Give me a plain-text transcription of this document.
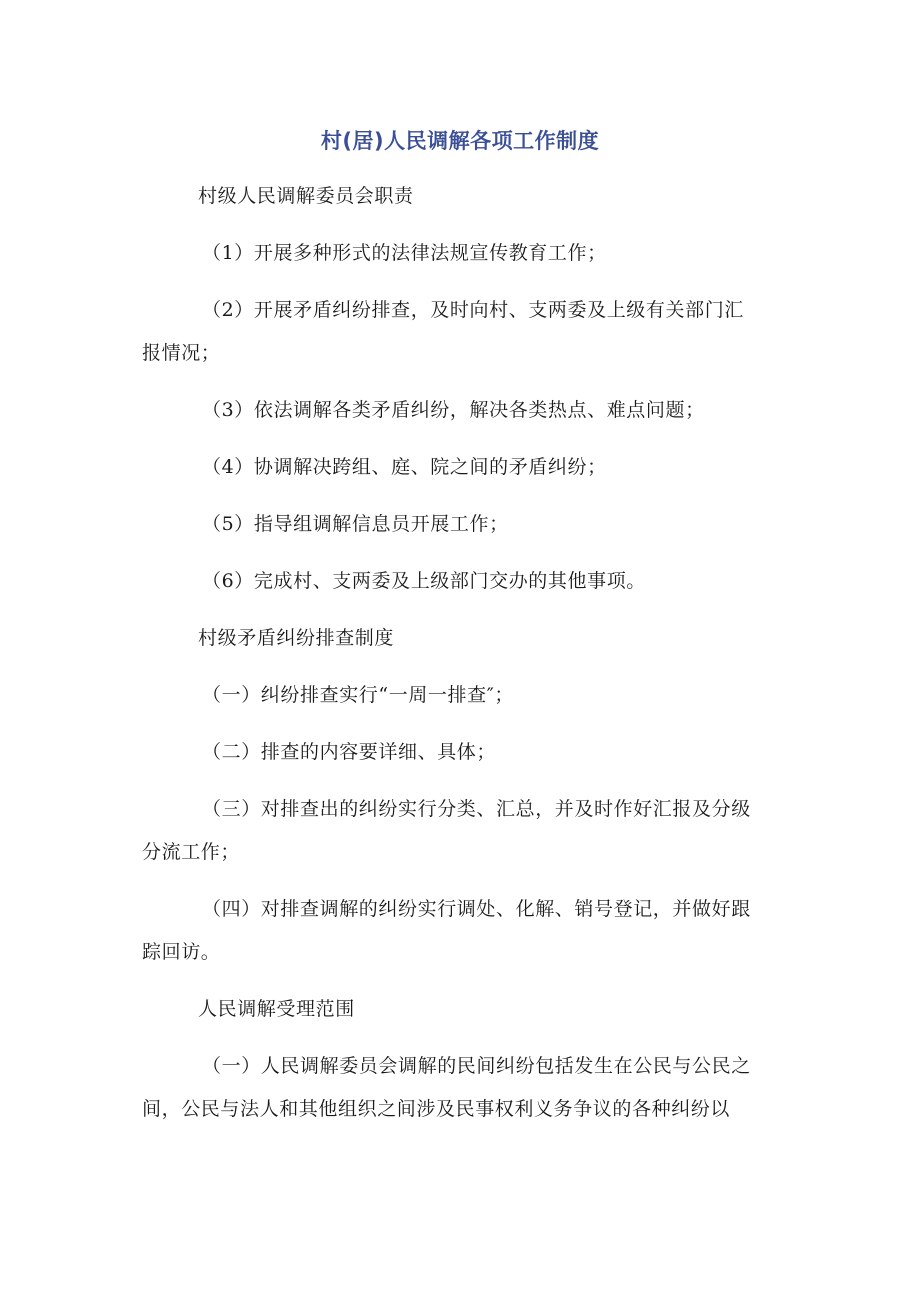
村(居)人民调解各项工作制度
村级人民调解委员会职责
（1）开展多种形式的法律法规宣传教育工作；
（2）开展矛盾纠纷排查，及时向村、支两委及上级有关部门汇
报情况；
（3）依法调解各类矛盾纠纷，解决各类热点、难点问题；
（4）协调解决跨组、庭、院之间的矛盾纠纷；
（5）指导组调解信息员开展工作；
（6）完成村、支两委及上级部门交办的其他事项。
村级矛盾纠纷排查制度
（一）纠纷排查实行“一周一排查″；
（二）排查的内容要详细、具体；
（三）对排查出的纠纷实行分类、汇总，并及时作好汇报及分级
分流工作；
（四）对排查调解的纠纷实行调处、化解、销号登记，并做好跟
踪回访。
人民调解受理范围
（一）人民调解委员会调解的民间纠纷包括发生在公民与公民之
间，公民与法人和其他组织之间涉及民事权利义务争议的各种纠纷以
